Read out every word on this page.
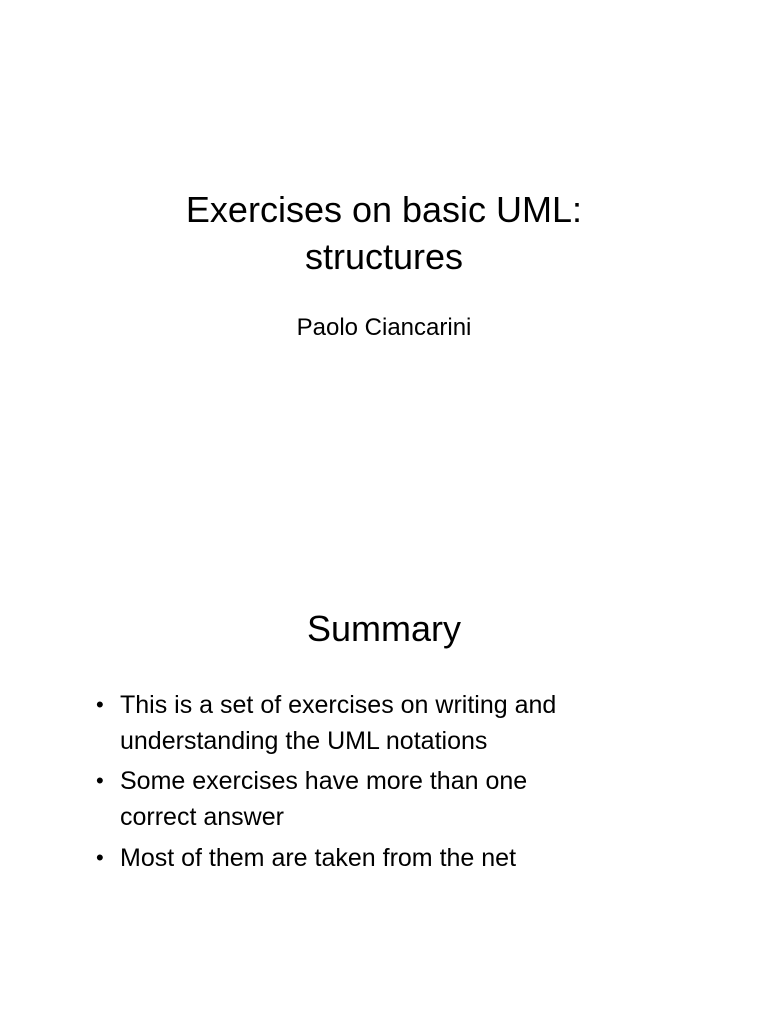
Exercises on basic UML:
structures
Paolo Ciancarini
Summary
• This is a set of exercises on writing and
understanding the UML notations
• Some exercises have more than one
correct answer
• Most of them are taken from the net
